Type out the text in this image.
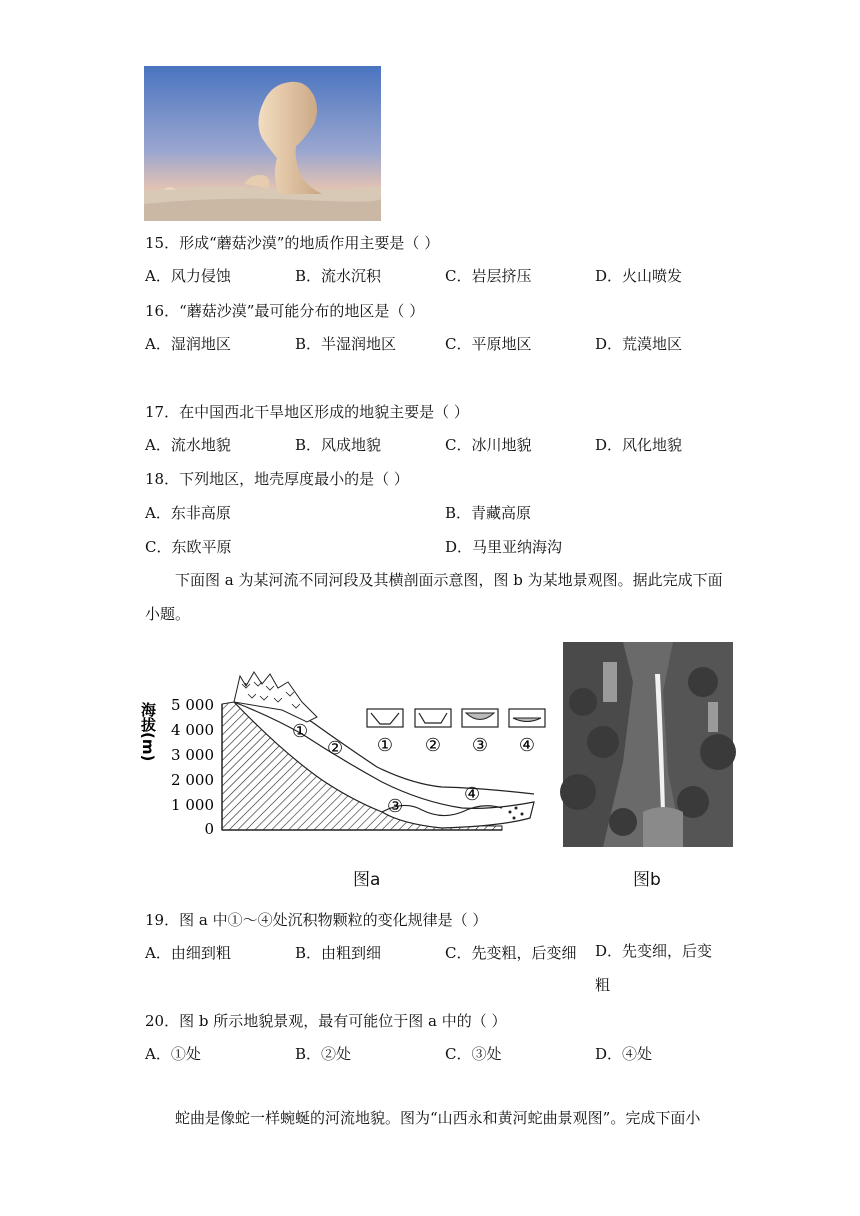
15．形成“蘑菇沙漠”的地质作用主要是（ ）
A．风力侵蚀	B．流水沉积	C．岩层挤压	D．火山喷发
16．“蘑菇沙漠”最可能分布的地区是（ ）
A．湿润地区	B．半湿润地区	C．平原地区	D．荒漠地区
17．在中国西北干旱地区形成的地貌主要是（ ）
A．流水地貌	B．风成地貌	C．冰川地貌	D．风化地貌
18．下列地区，地壳厚度最小的是（ ）
A．东非高原	B．青藏高原
C．东欧平原	D．马里亚纳海沟
下面图 a 为某河流不同河段及其横剖面示意图，图 b 为某地景观图。据此完成下面小题。
海拔(m) 5 000
4 000
3 000
2 000
1 000
0
①
②
③
④
① ② ③ ④
图a	图b
19．图 a 中①～④处沉积物颗粒的变化规律是（ ）
A．由细到粗	B．由粗到细	C．先变粗，后变细 D．先变细，后变粗
20．图 b 所示地貌景观，最有可能位于图 a 中的（ ）
A．①处	B．②处	C．③处	D．④处
蛇曲是像蛇一样蜿蜒的河流地貌。图为“山西永和黄河蛇曲景观图”。完成下面小
